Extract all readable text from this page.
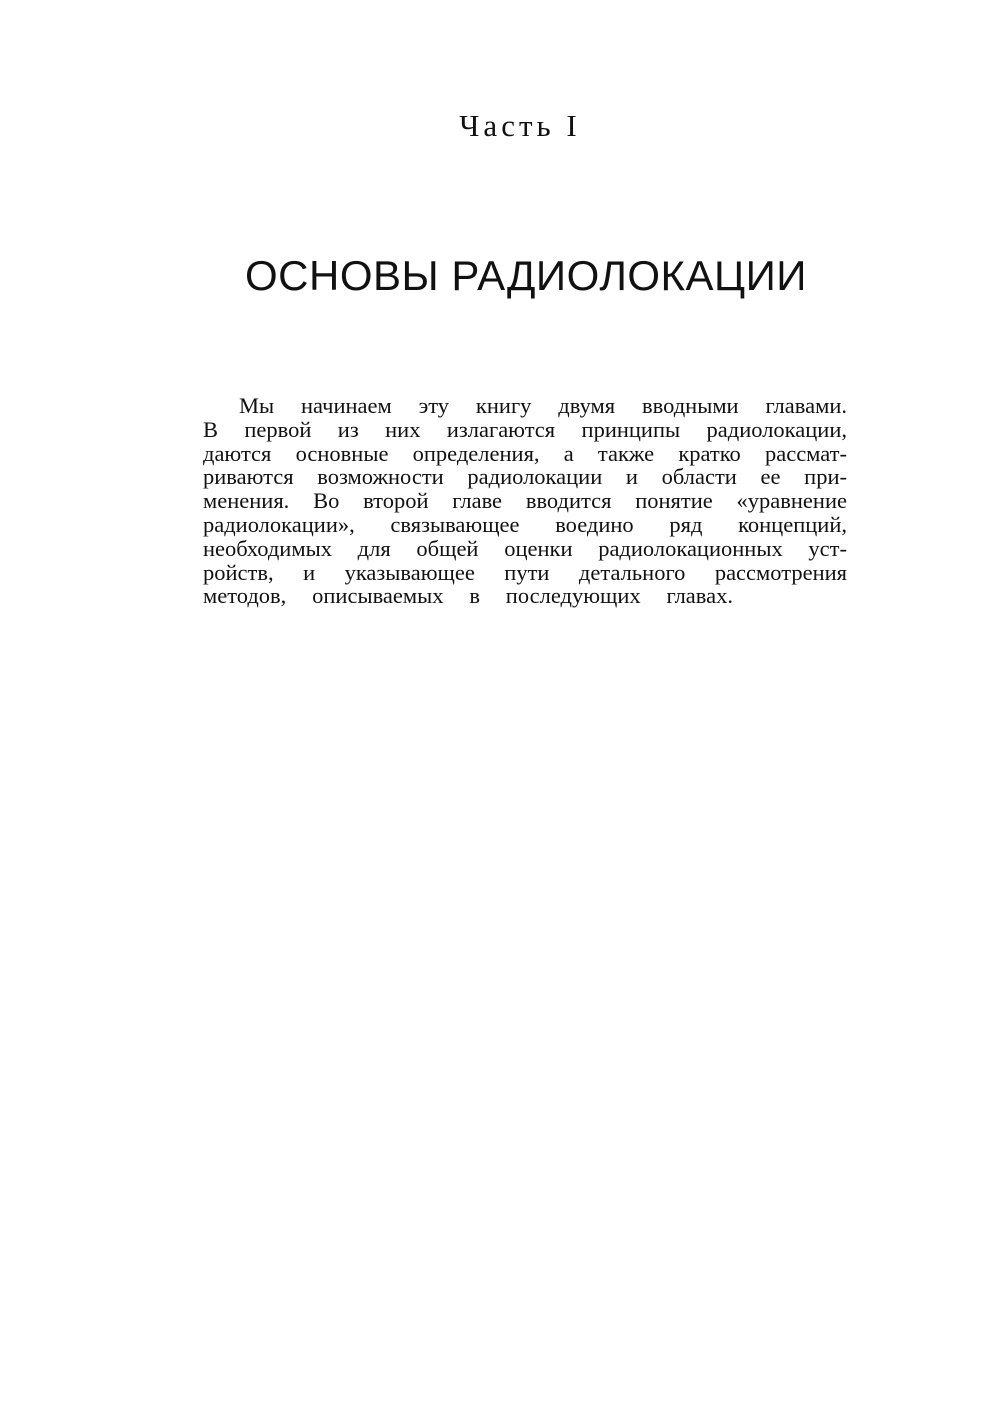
Часть I
ОСНОВЫ РАДИОЛОКАЦИИ
Мы начинаем эту книгу двумя вводными главами.
В первой из них излагаются принципы радиолокации,
даются основные определения, а также кратко рассмат-
риваются возможности радиолокации и области ее при-
менения. Во второй главе вводится понятие «уравнение
радиолокации», связывающее воедино ряд концепций,
необходимых для общей оценки радиолокационных уст-
ройств, и указывающее пути детального рассмотрения
методов, описываемых в последующих главах.
